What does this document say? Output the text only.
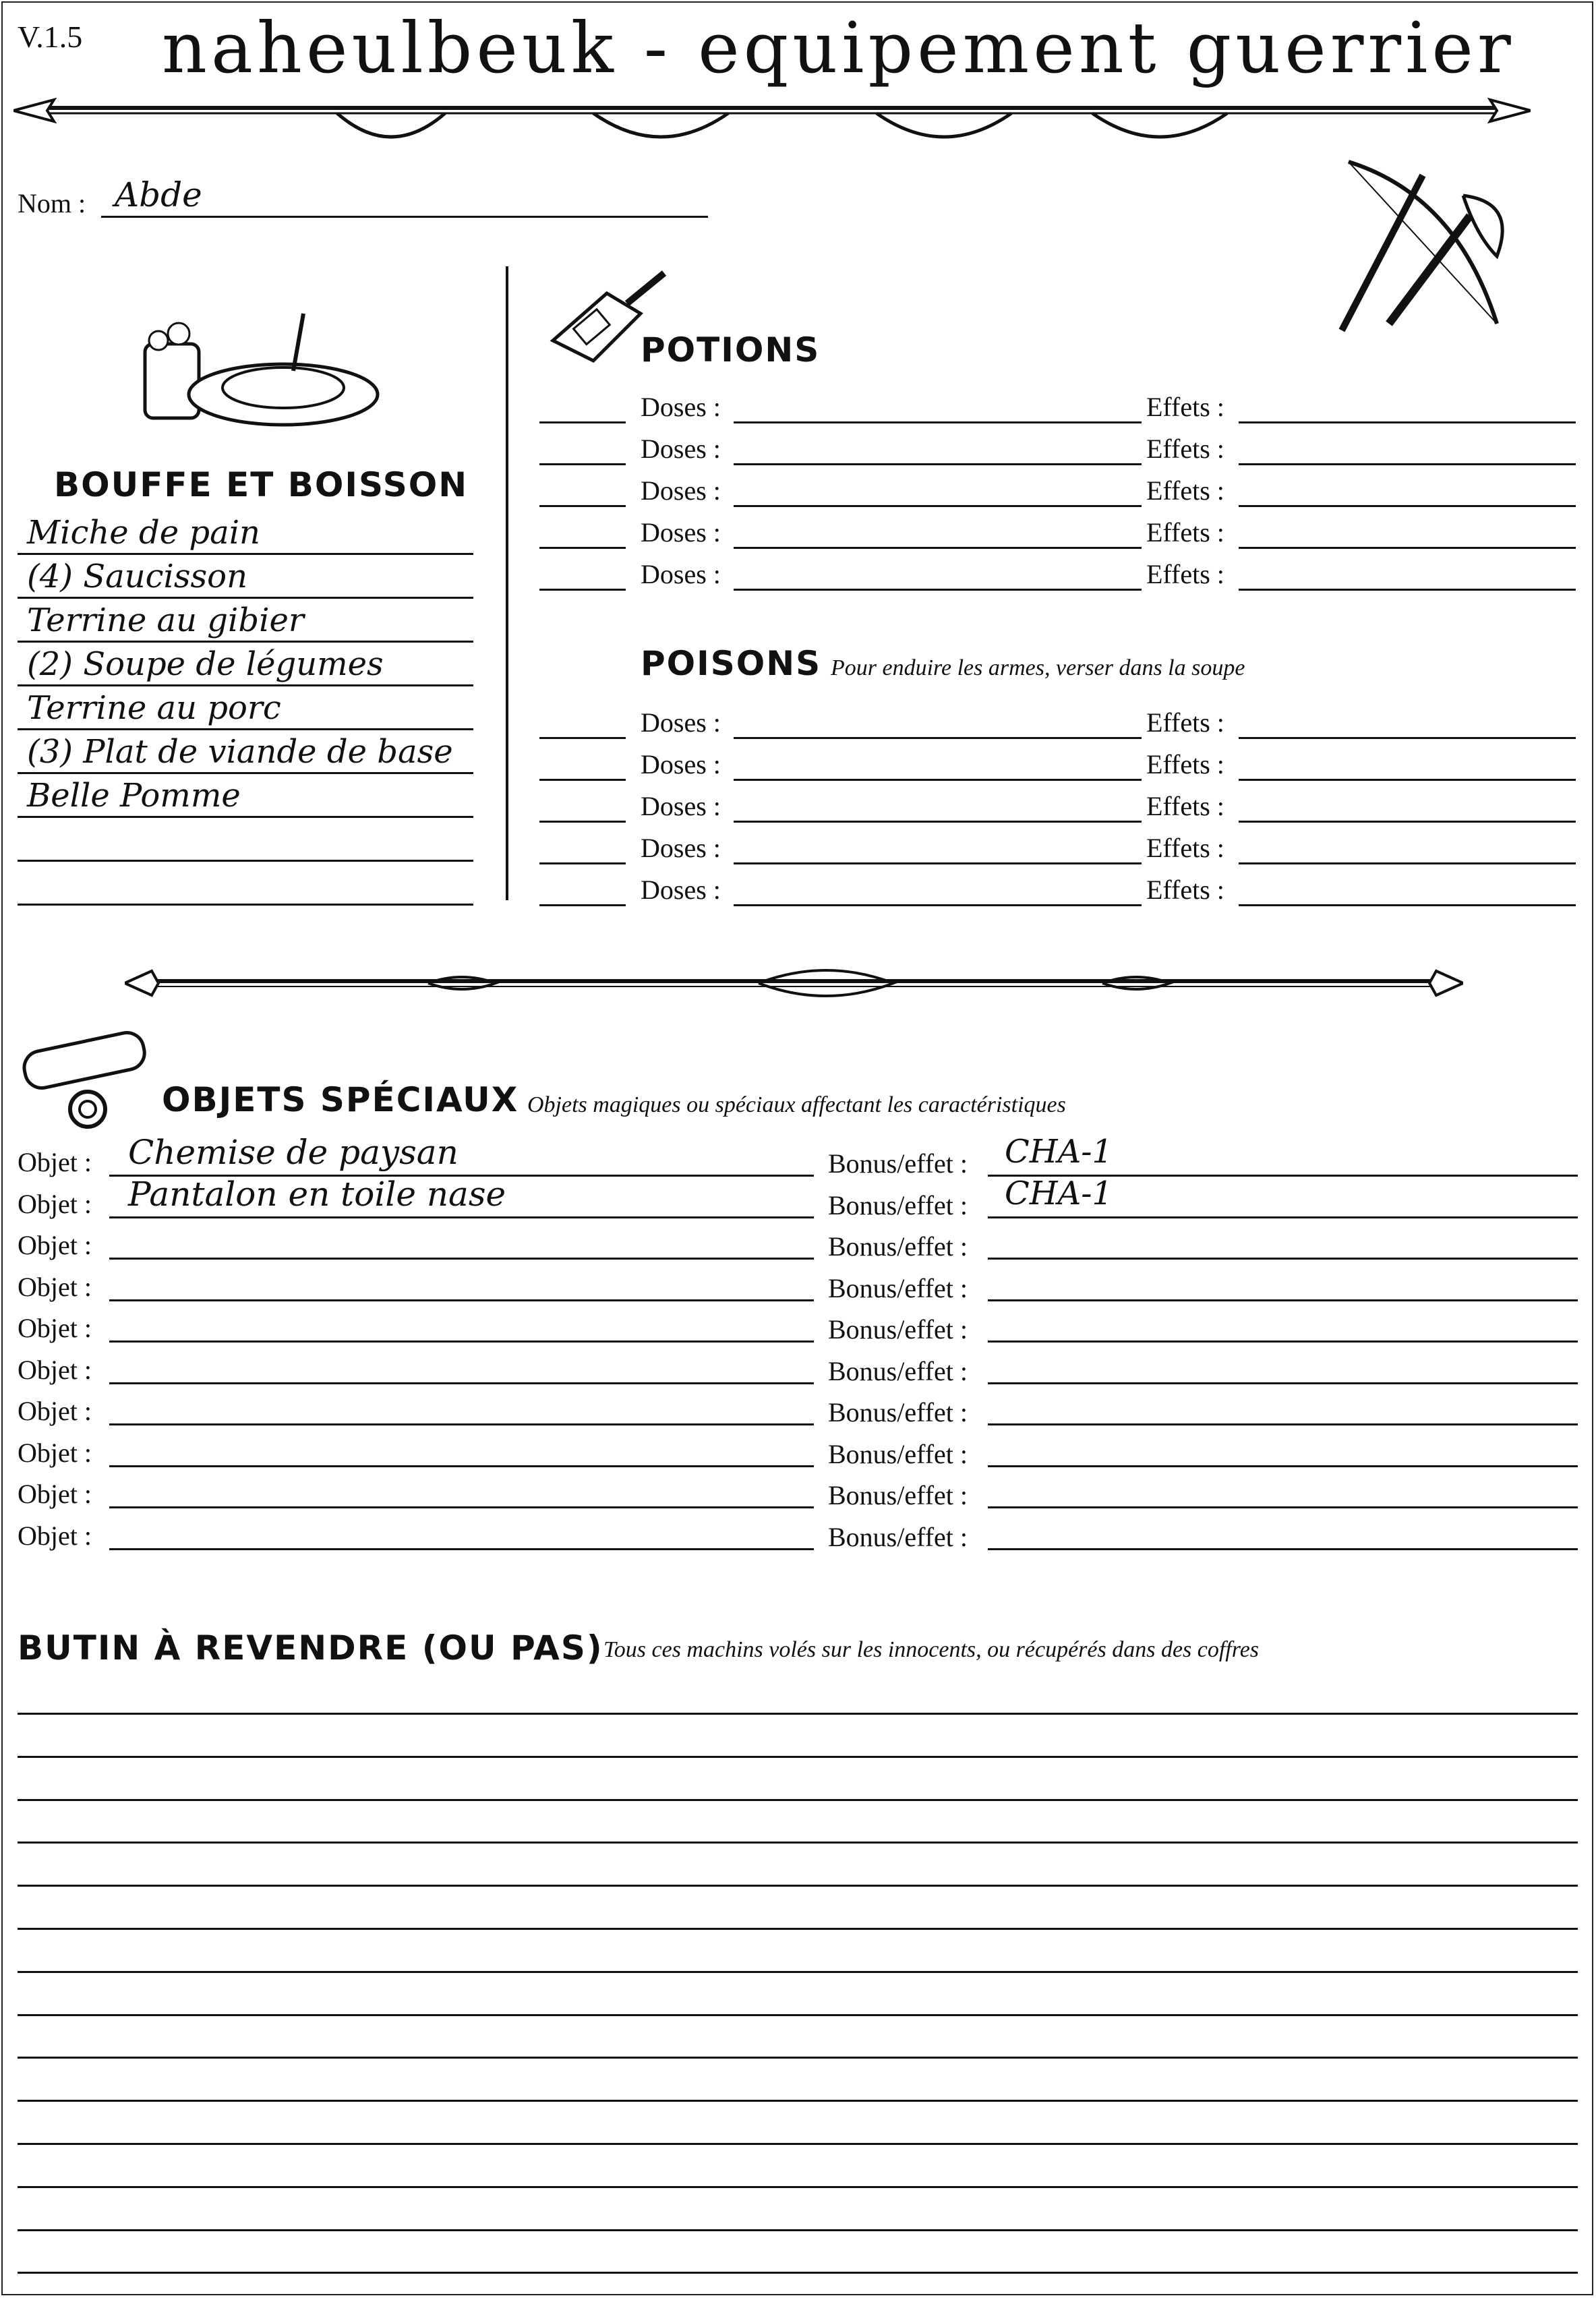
V.1.5 naheulbeuk - equipement guerrier
Nom : Abde
BOUFFE ET BOISSON
Miche de pain
(4) Saucisson
Terrine au gibier
(2) Soupe de légumes
Terrine au porc
(3) Plat de viande de base
Belle Pomme
POTIONS
Doses :	Effets :
Doses :	Effets :
Doses :	Effets :
Doses :	Effets :
Doses :	Effets :
POISONS Pour enduire les armes, verser dans la soupe
Doses :	Effets :
Doses :	Effets :
Doses :	Effets :
Doses :	Effets :
Doses :	Effets :
OBJETS SPÉCIAUX Objets magiques ou spéciaux affectant les caractéristiques
Objet : Chemise de paysan	Bonus/effet : CHA-1
Objet : Pantalon en toile nase	Bonus/effet : CHA-1
Objet :	Bonus/effet :
Objet :	Bonus/effet :
Objet :	Bonus/effet :
Objet :	Bonus/effet :
Objet :	Bonus/effet :
Objet :	Bonus/effet :
Objet :	Bonus/effet :
Objet :	Bonus/effet :
BUTIN À REVENDRE (OU PAS) Tous ces machins volés sur les innocents, ou récupérés dans des coffres
